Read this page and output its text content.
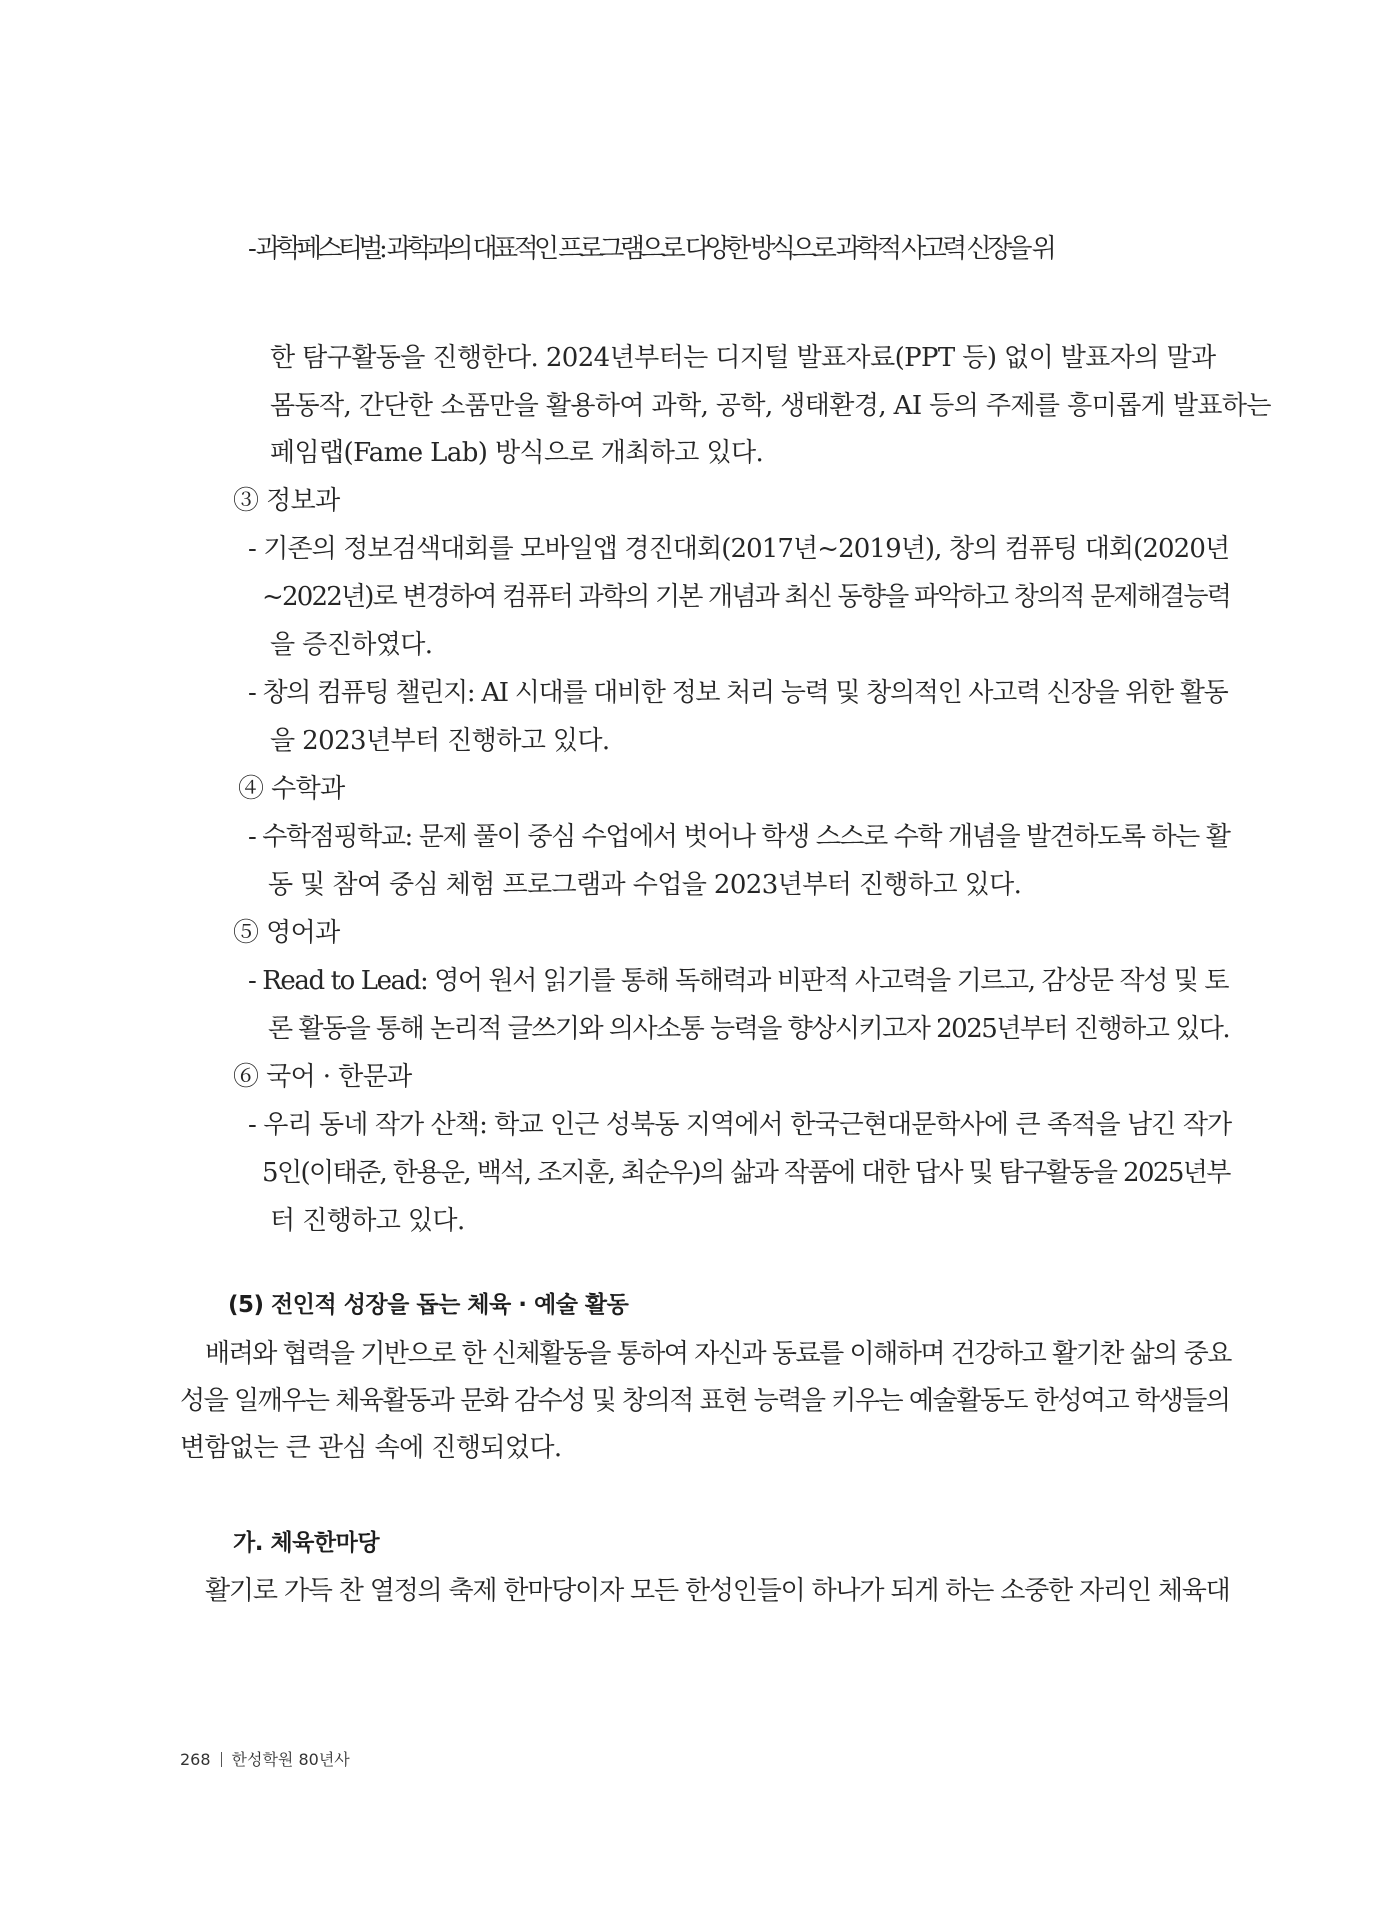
- 과학페스티벌: 과학과의 대표적인 프로그램으로 다양한 방식으로 과학적 사고력 신장을 위
한 탐구활동을 진행한다. 2024년부터는 디지털 발표자료(PPT 등) 없이 발표자의 말과
몸동작, 간단한 소품만을 활용하여 과학, 공학, 생태환경, AI 등의 주제를 흥미롭게 발표하는
페임랩(Fame Lab) 방식으로 개최하고 있다.
③ 정보과
- 기존의 정보검색대회를 모바일앱 경진대회(2017년~2019년), 창의 컴퓨팅 대회(2020년
~2022년)로 변경하여 컴퓨터 과학의 기본 개념과 최신 동향을 파악하고 창의적 문제해결능력
을 증진하였다.
- 창의 컴퓨팅 챌린지: AI 시대를 대비한 정보 처리 능력 및 창의적인 사고력 신장을 위한 활동
을 2023년부터 진행하고 있다.
④ 수학과
- 수학점핑학교: 문제 풀이 중심 수업에서 벗어나 학생 스스로 수학 개념을 발견하도록 하는 활
동 및 참여 중심 체험 프로그램과 수업을 2023년부터 진행하고 있다.
⑤ 영어과
- Read to Lead: 영어 원서 읽기를 통해 독해력과 비판적 사고력을 기르고, 감상문 작성 및 토
론 활동을 통해 논리적 글쓰기와 의사소통 능력을 향상시키고자 2025년부터 진행하고 있다.
⑥ 국어 · 한문과
- 우리 동네 작가 산책: 학교 인근 성북동 지역에서 한국근현대문학사에 큰 족적을 남긴 작가
5인(이태준, 한용운, 백석, 조지훈, 최순우)의 삶과 작품에 대한 답사 및 탐구활동을 2025년부
터 진행하고 있다.
(5) 전인적 성장을 돕는 체육 · 예술 활동
배려와 협력을 기반으로 한 신체활동을 통하여 자신과 동료를 이해하며 건강하고 활기찬 삶의 중요
성을 일깨우는 체육활동과 문화 감수성 및 창의적 표현 능력을 키우는 예술활동도 한성여고 학생들의
변함없는 큰 관심 속에 진행되었다.
가. 체육한마당
활기로 가득 찬 열정의 축제 한마당이자 모든 한성인들이 하나가 되게 하는 소중한 자리인 체육대
268 한성학원 80년사
